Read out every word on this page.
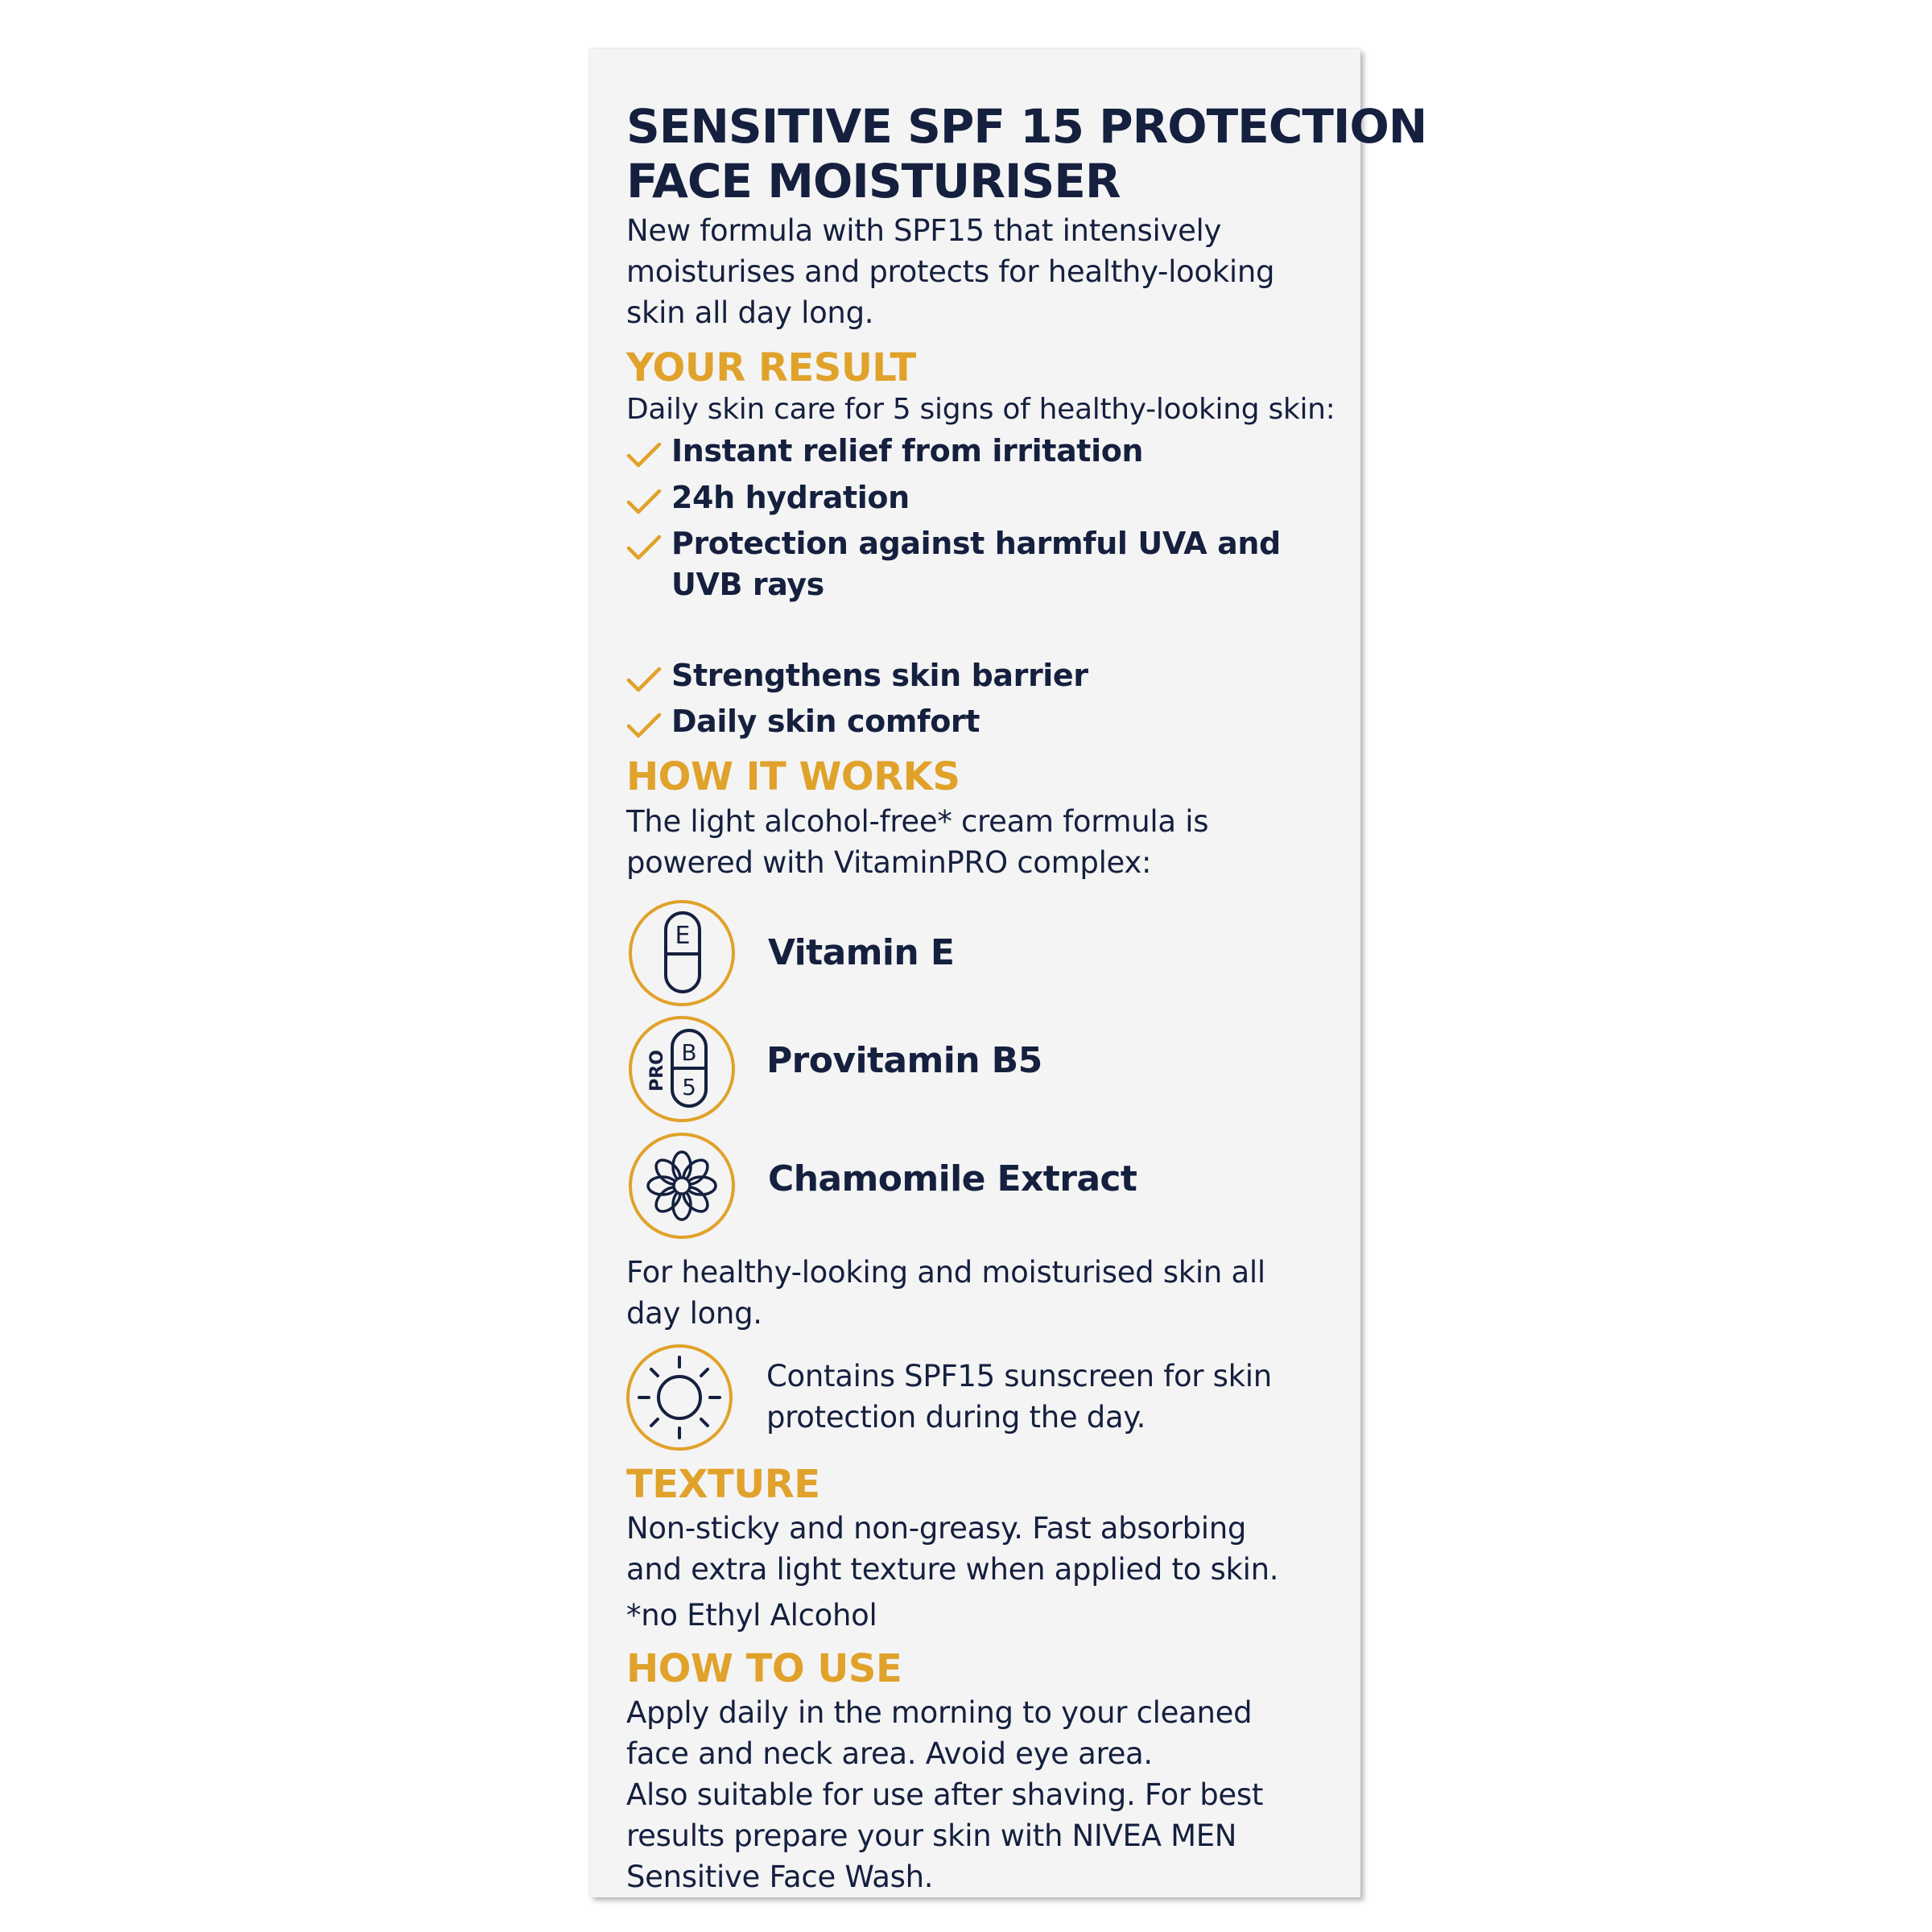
SENSITIVE SPF 15 PROTECTION

FACE MOISTURISER

New formula with SPF15 that intensively

moisturises and protects for healthy-looking

skin all day long.

YOUR RESULT

Daily skin care for 5 signs of healthy-looking skin:

Instant relief from irritation
24h hydration
Protection against harmful UVA and
UVB rays
Strengthens skin barrier
Daily skin comfort

HOW IT WORKS

The light alcohol-free* cream formula is

powered with VitaminPRO complex:

E Vitamin E

B
5
PRO	Provitamin B5

Chamomile Extract

For healthy-looking and moisturised skin all

day long.

Contains SPF15 sunscreen for skin

protection during the day.

TEXTURE

Non-sticky and non-greasy. Fast absorbing

and extra light texture when applied to skin.

*no Ethyl Alcohol

HOW TO USE

Apply daily in the morning to your cleaned

face and neck area. Avoid eye area.

Also suitable for use after shaving. For best

results prepare your skin with NIVEA MEN

Sensitive Face Wash.
